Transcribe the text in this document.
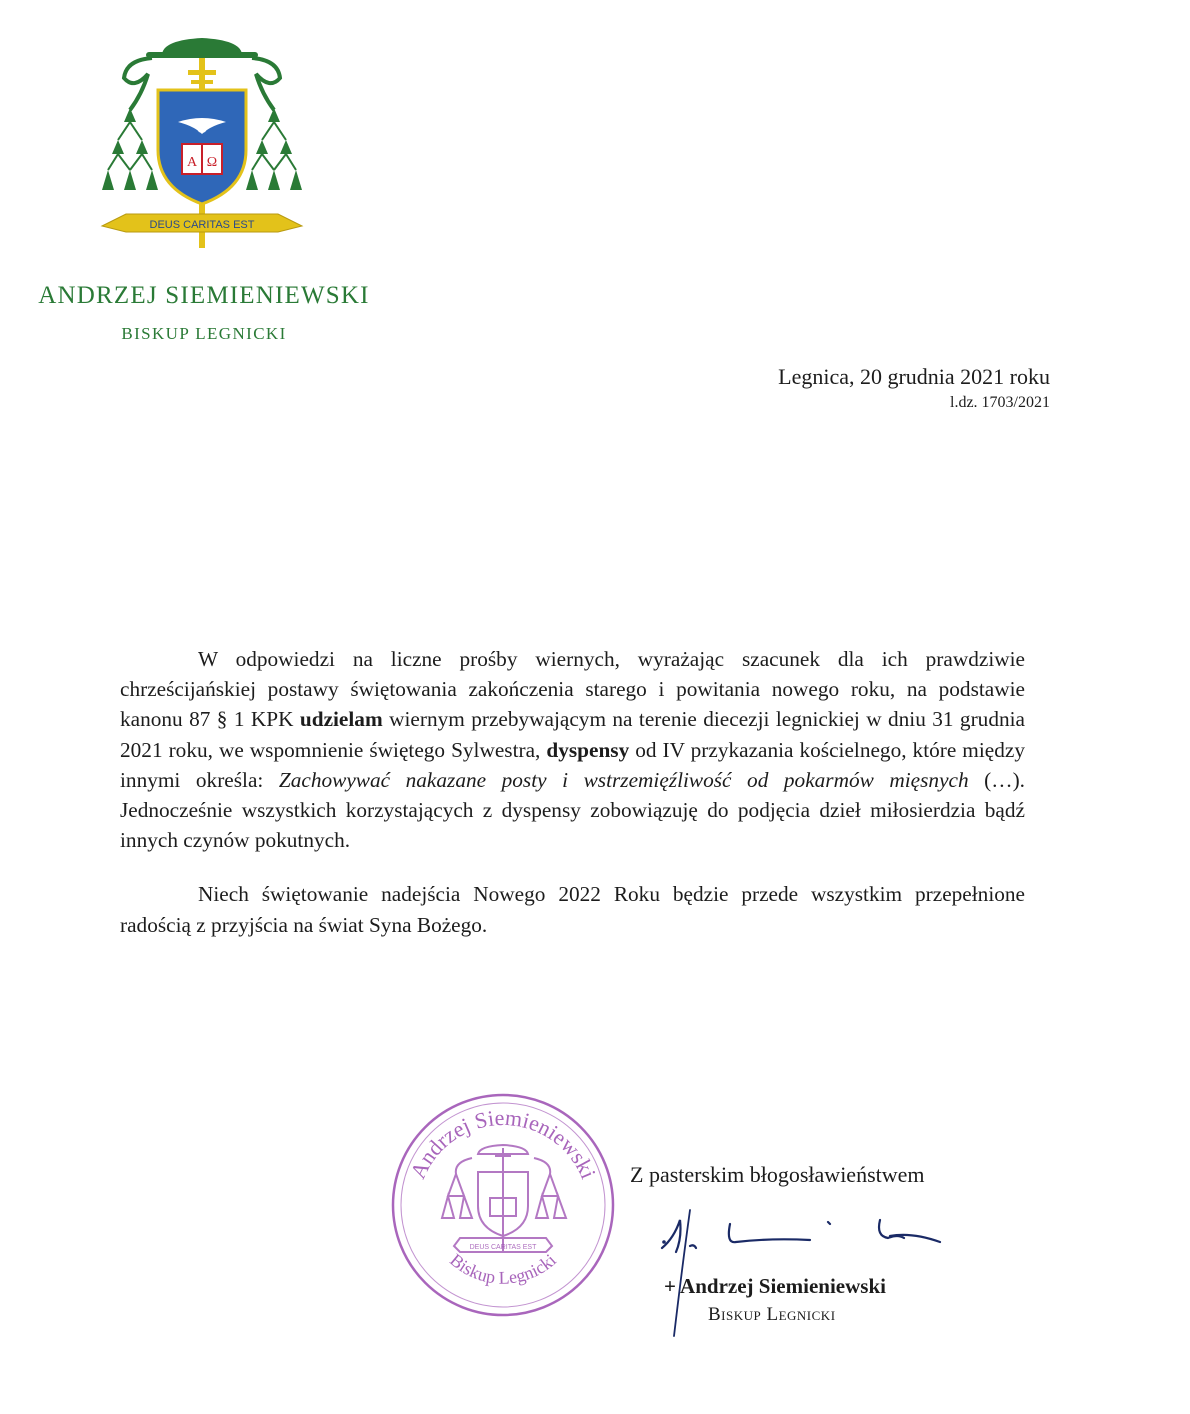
A Ω
DEUS CARITAS EST
ANDRZEJ SIEMIENIEWSKI
BISKUP LEGNICKI
Legnica, 20 grudnia 2021 roku
l.dz. 1703/2021

W odpowiedzi na liczne prośby wiernych, wyrażając szacunek dla ich prawdziwie chrześcijańskiej postawy świętowania zakończenia starego i powitania nowego roku, na podstawie kanonu 87 § 1 KPK udzielam wiernym przebywającym na terenie diecezji legnickiej w dniu 31 grudnia 2021 roku, we wspomnienie świętego Sylwestra, dyspensy od IV przykazania kościelnego, które między innymi określa: Zachowywać nakazane posty i wstrzemięźliwość od pokarmów mięsnych (…). Jednocześnie wszystkich korzystających z dyspensy zobowiązuję do podjęcia dzieł miłosierdzia bądź innych czynów pokutnych.

Niech świętowanie nadejścia Nowego 2022 Roku będzie przede wszystkim przepełnione radością z przyjścia na świat Syna Bożego.

Andrzej Siemieniewski
Biskup Legnicki
DEUS CARITAS EST
Z pasterskim błogosławieństwem
+ Andrzej Siemieniewski
Biskup Legnicki
